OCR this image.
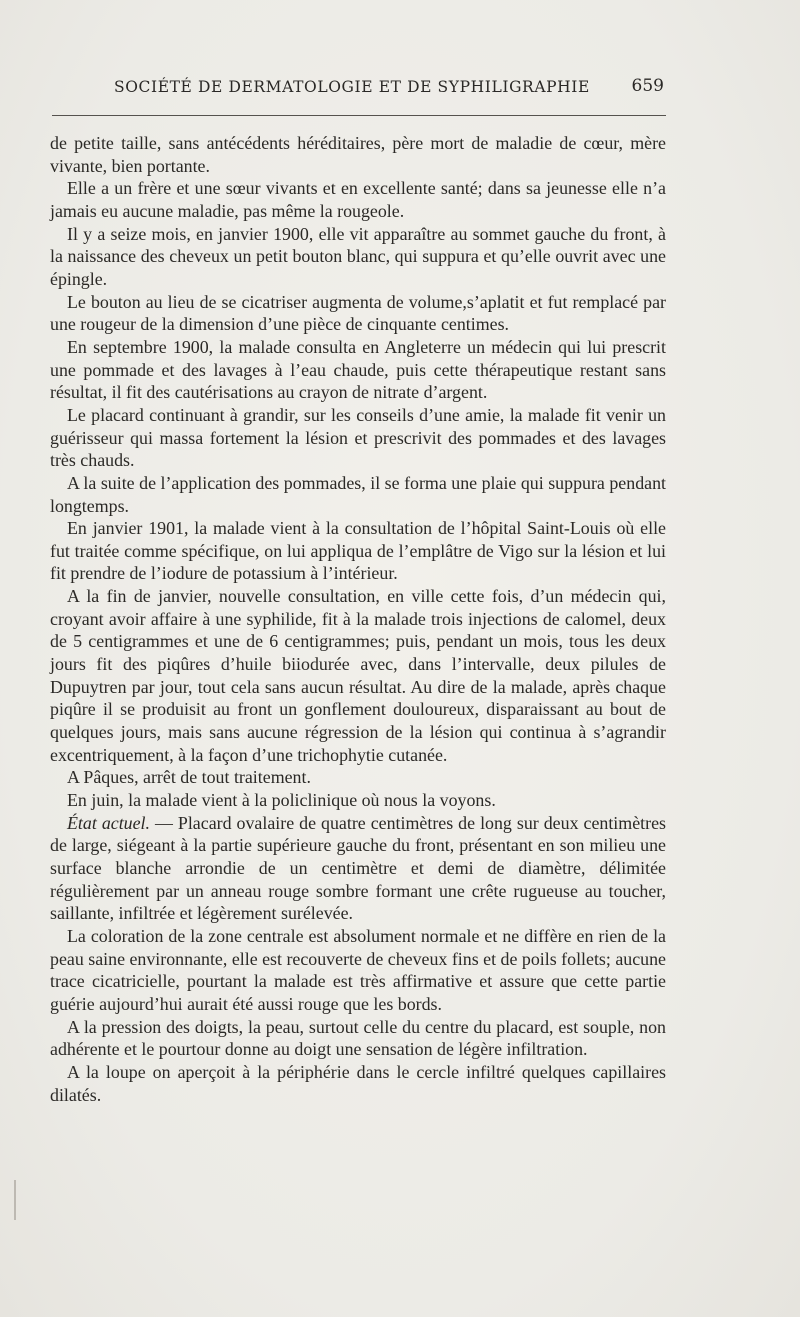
SOCIÉTÉ DE DERMATOLOGIE ET DE SYPHILIGRAPHIE 659

de petite taille, sans antécédents héréditaires, père mort de maladie de cœur, mère vivante, bien portante.

Elle a un frère et une sœur vivants et en excellente santé; dans sa jeunesse elle n’a jamais eu aucune maladie, pas même la rougeole.

Il y a seize mois, en janvier 1900, elle vit apparaître au sommet gauche du front, à la naissance des cheveux un petit bouton blanc, qui suppura et qu’elle ouvrit avec une épingle.

Le bouton au lieu de se cicatriser augmenta de volume,s’aplatit et fut remplacé par une rougeur de la dimension d’une pièce de cinquante centimes.

En septembre 1900, la malade consulta en Angleterre un médecin qui lui prescrit une pommade et des lavages à l’eau chaude, puis cette thérapeutique restant sans résultat, il fit des cautérisations au crayon de nitrate d’argent.

Le placard continuant à grandir, sur les conseils d’une amie, la malade fit venir un guérisseur qui massa fortement la lésion et prescrivit des pommades et des lavages très chauds.

A la suite de l’application des pommades, il se forma une plaie qui suppura pendant longtemps.

En janvier 1901, la malade vient à la consultation de l’hôpital Saint-Louis où elle fut traitée comme spécifique, on lui appliqua de l’emplâtre de Vigo sur la lésion et lui fit prendre de l’iodure de potassium à l’intérieur.

A la fin de janvier, nouvelle consultation, en ville cette fois, d’un médecin qui, croyant avoir affaire à une syphilide, fit à la malade trois injections de calomel, deux de 5 centigrammes et une de 6 centigrammes; puis, pendant un mois, tous les deux jours fit des piqûres d’huile biiodurée avec, dans l’intervalle, deux pilules de Dupuytren par jour, tout cela sans aucun résultat. Au dire de la malade, après chaque piqûre il se produisit au front un gonflement douloureux, disparaissant au bout de quelques jours, mais sans aucune régression de la lésion qui continua à s’agrandir excentriquement, à la façon d’une trichophytie cutanée.

A Pâques, arrêt de tout traitement.

En juin, la malade vient à la policlinique où nous la voyons.

État actuel. — Placard ovalaire de quatre centimètres de long sur deux centimètres de large, siégeant à la partie supérieure gauche du front, présentant en son milieu une surface blanche arrondie de un centimètre et demi de diamètre, délimitée régulièrement par un anneau rouge sombre formant une crête rugueuse au toucher, saillante, infiltrée et légèrement surélevée.

La coloration de la zone centrale est absolument normale et ne diffère en rien de la peau saine environnante, elle est recouverte de cheveux fins et de poils follets; aucune trace cicatricielle, pourtant la malade est très affirmative et assure que cette partie guérie aujourd’hui aurait été aussi rouge que les bords.

A la pression des doigts, la peau, surtout celle du centre du placard, est souple, non adhérente et le pourtour donne au doigt une sensation de légère infiltration.

A la loupe on aperçoit à la périphérie dans le cercle infiltré quelques capillaires dilatés.
